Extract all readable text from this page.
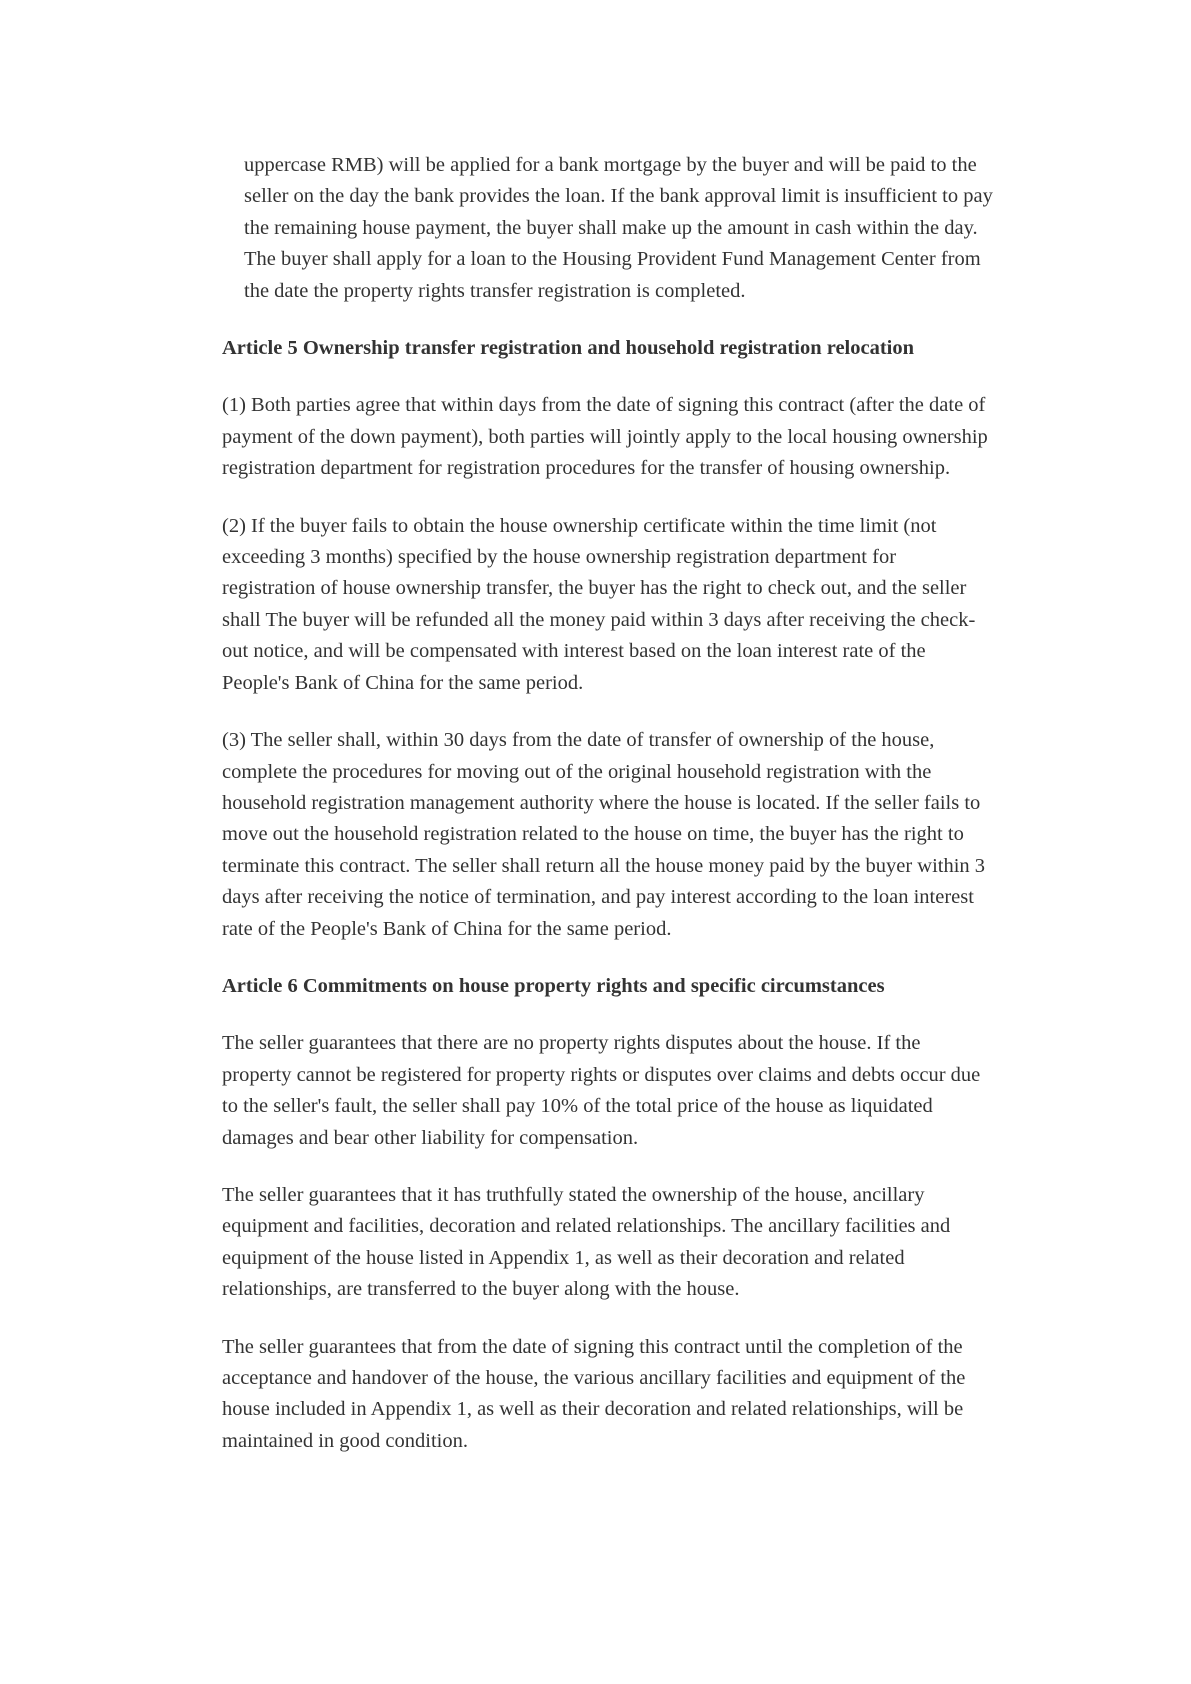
uppercase RMB) will be applied for a bank mortgage by the buyer and will be paid to the
seller on the day the bank provides the loan. If the bank approval limit is insufficient to pay
the remaining house payment, the buyer shall make up the amount in cash within the day.
The buyer shall apply for a loan to the Housing Provident Fund Management Center from
the date the property rights transfer registration is completed.

Article 5 Ownership transfer registration and household registration relocation

(1) Both parties agree that within days from the date of signing this contract (after the date of
payment of the down payment), both parties will jointly apply to the local housing ownership
registration department for registration procedures for the transfer of housing ownership.

(2) If the buyer fails to obtain the house ownership certificate within the time limit (not
exceeding 3 months) specified by the house ownership registration department for
registration of house ownership transfer, the buyer has the right to check out, and the seller
shall The buyer will be refunded all the money paid within 3 days after receiving the check-
out notice, and will be compensated with interest based on the loan interest rate of the
People's Bank of China for the same period.

(3) The seller shall, within 30 days from the date of transfer of ownership of the house,
complete the procedures for moving out of the original household registration with the
household registration management authority where the house is located. If the seller fails to
move out the household registration related to the house on time, the buyer has the right to
terminate this contract. The seller shall return all the house money paid by the buyer within 3
days after receiving the notice of termination, and pay interest according to the loan interest
rate of the People's Bank of China for the same period.

Article 6 Commitments on house property rights and specific circumstances

The seller guarantees that there are no property rights disputes about the house. If the
property cannot be registered for property rights or disputes over claims and debts occur due
to the seller's fault, the seller shall pay 10% of the total price of the house as liquidated
damages and bear other liability for compensation.

The seller guarantees that it has truthfully stated the ownership of the house, ancillary
equipment and facilities, decoration and related relationships. The ancillary facilities and
equipment of the house listed in Appendix 1, as well as their decoration and related
relationships, are transferred to the buyer along with the house.

The seller guarantees that from the date of signing this contract until the completion of the
acceptance and handover of the house, the various ancillary facilities and equipment of the
house included in Appendix 1, as well as their decoration and related relationships, will be
maintained in good condition.
